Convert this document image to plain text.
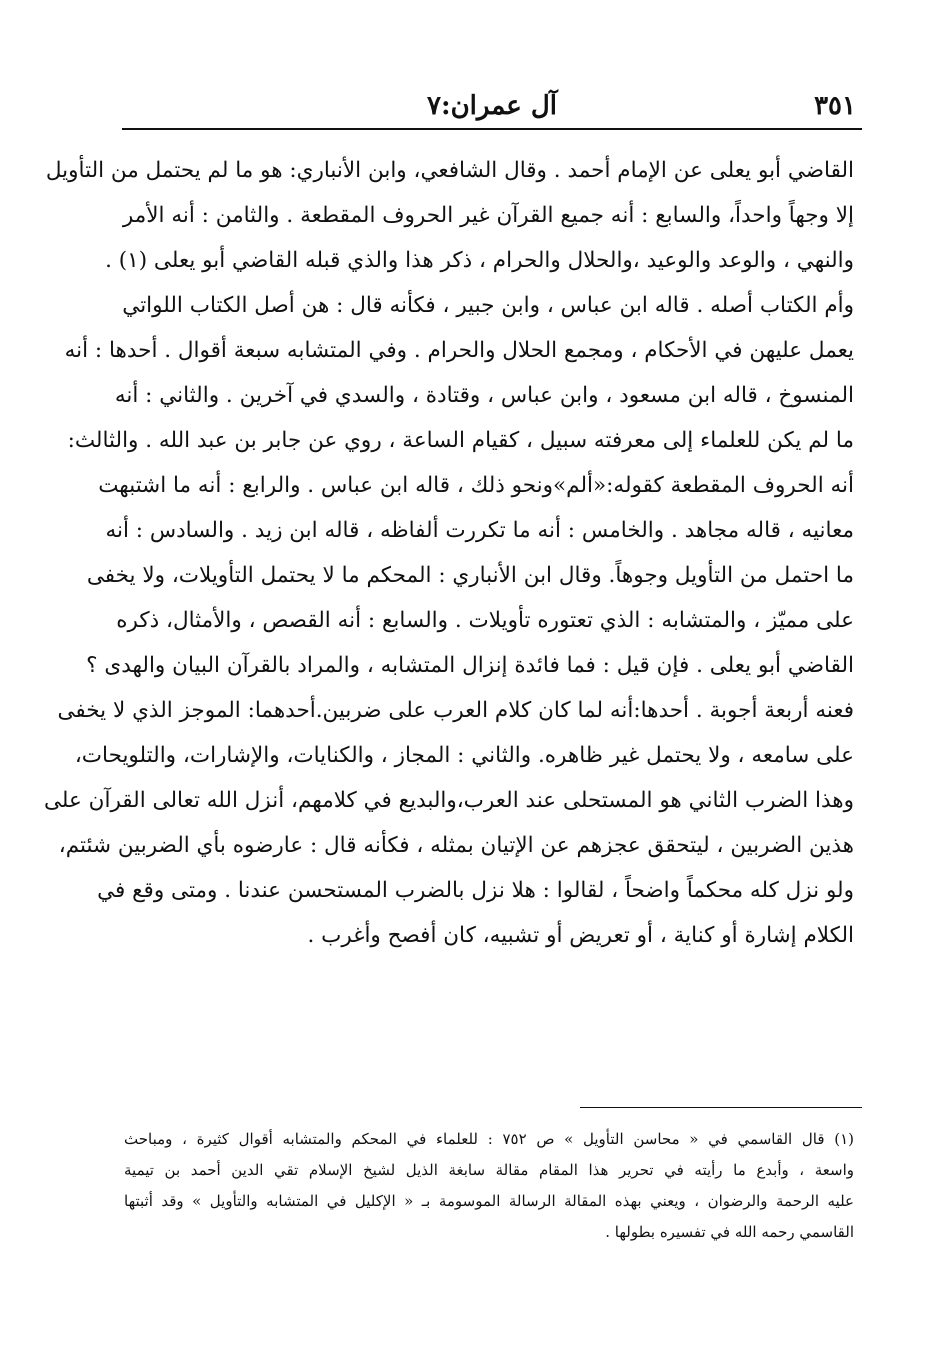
٣٥١
آل عمران:٧
القاضي أبو يعلى عن الإمام أحمد . وقال الشافعي، وابن الأنباري: هو ما لم يحتمل من التأويل
إلا وجهاً واحداً، والسابع : أنه جميع القرآن غير الحروف المقطعة . والثامن : أنه الأمر
والنهي ، والوعد والوعيد ،والحلال والحرام ، ذكر هذا والذي قبله القاضي أبو يعلى (١) .
وأم الكتاب أصله . قاله ابن عباس ، وابن جبير ، فكأنه قال : هن أصل الكتاب اللواتي
يعمل عليهن في الأحكام ، ومجمع الحلال والحرام . وفي المتشابه سبعة أقوال . أحدها : أنه
المنسوخ ، قاله ابن مسعود ، وابن عباس ، وقتادة ، والسدي في آخرين . والثاني : أنه
ما لم يكن للعلماء إلى معرفته سبيل ، كقيام الساعة ، روي عن جابر بن عبد الله . والثالث:
أنه الحروف المقطعة كقوله:«ألم»ونحو ذلك ، قاله ابن عباس . والرابع : أنه ما اشتبهت
معانيه ، قاله مجاهد . والخامس : أنه ما تكررت ألفاظه ، قاله ابن زيد . والسادس : أنه
ما احتمل من التأويل وجوهاً. وقال ابن الأنباري : المحكم ما لا يحتمل التأويلات، ولا يخفى
على مميّز ، والمتشابه : الذي تعتوره تأويلات . والسابع : أنه القصص ، والأمثال، ذكره
القاضي أبو يعلى . فإن قيل : فما فائدة إنزال المتشابه ، والمراد بالقرآن البيان والهدى ؟
فعنه أربعة أجوبة . أحدها:أنه لما كان كلام العرب على ضربين.أحدهما: الموجز الذي لا يخفى
على سامعه ، ولا يحتمل غير ظاهره. والثاني : المجاز ، والكنايات، والإشارات، والتلويحات،
وهذا الضرب الثاني هو المستحلى عند العرب،والبديع في كلامهم، أنزل الله تعالى القرآن على
هذين الضربين ، ليتحقق عجزهم عن الإتيان بمثله ، فكأنه قال : عارضوه بأي الضربين شئتم،
ولو نزل كله محكماً واضحاً ، لقالوا : هلا نزل بالضرب المستحسن عندنا . ومتى وقع في
الكلام إشارة أو كناية ، أو تعريض أو تشبيه، كان أفصح وأغرب .
(١) قال القاسمي في « محاسن التأويل » ص ٧٥٢ : للعلماء في المحكم والمتشابه أقوال كثيرة ، ومباحث
واسعة ، وأبدع ما رأيته في تحرير هذا المقام مقالة سابغة الذيل لشيخ الإسلام تقي الدين أحمد بن تيمية
عليه الرحمة والرضوان ، ويعني بهذه المقالة الرسالة الموسومة بـ « الإكليل في المتشابه والتأويل » وقد أثبتها
القاسمي رحمه الله في تفسيره بطولها .
